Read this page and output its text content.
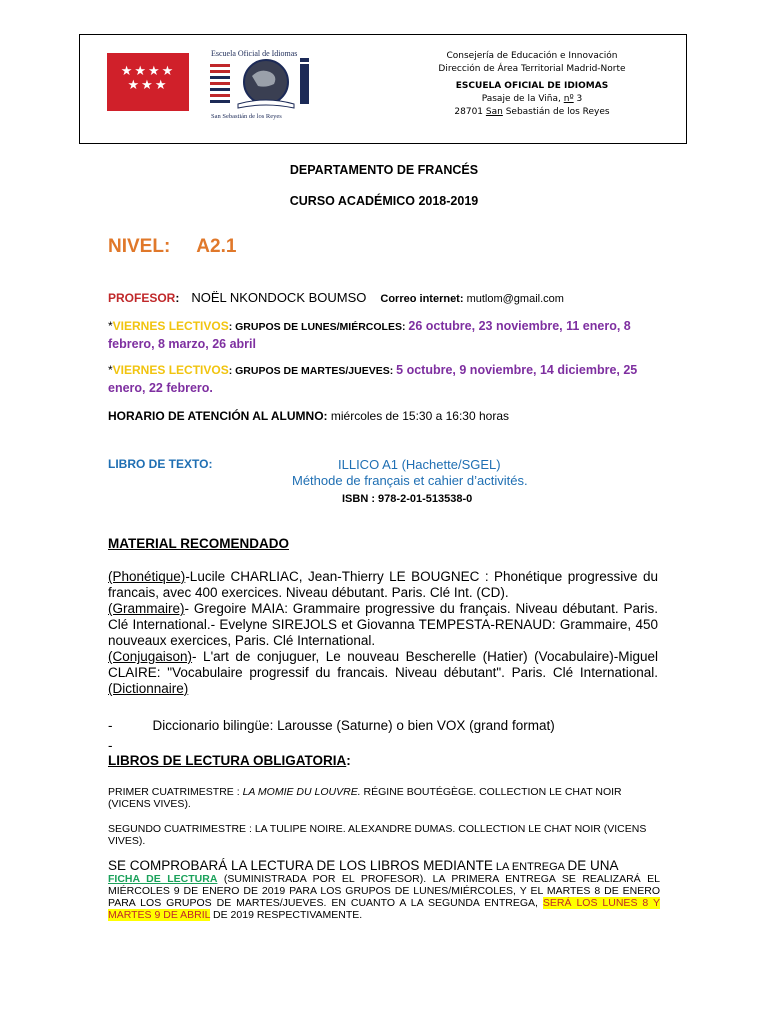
★★★★
★★★
Escuela Oficial de Idiomas
San Sebastián de los Reyes
Consejería de Educación e Innovación
Dirección de Área Territorial Madrid-Norte
ESCUELA OFICIAL DE IDIOMAS
Pasaje de la Viña, nº 3
28701 San Sebastián de los Reyes
DEPARTAMENTO DE FRANCÉS
CURSO ACADÉMICO 2018-2019
NIVEL: A2.1
PROFESOR: NOËL NKONDOCK BOUMSO Correo internet: mutlom@gmail.com
*VIERNES LECTIVOS: GRUPOS DE LUNES/MIÉRCOLES: 26 octubre, 23 noviembre, 11 enero, 8 febrero, 8 marzo, 26 abril
*VIERNES LECTIVOS: GRUPOS DE MARTES/JUEVES: 5 octubre, 9 noviembre, 14 diciembre, 25 enero, 22 febrero.
HORARIO DE ATENCIÓN AL ALUMNO: miércoles de 15:30 a 16:30 horas
LIBRO DE TEXTO:	ILLICO A1 (Hachette/SGEL)
Méthode de français et cahier d’activités.
ISBN : 978-2-01-513538-0
MATERIAL RECOMENDADO
(Phonétique)-Lucile CHARLIAC, Jean-Thierry LE BOUGNEC : Phonétique progressive du francais, avec 400 exercices. Niveau débutant. Paris. Clé Int. (CD).
(Grammaire)- Gregoire MAIA: Grammaire progressive du français. Niveau débutant. Paris. Clé International.- Evelyne SIREJOLS et Giovanna TEMPESTA-RENAUD: Grammaire, 450 nouveaux exercices, Paris. Clé International.
(Conjugaison)- L'art de conjuguer, Le nouveau Bescherelle (Hatier) (Vocabulaire)-Miguel CLAIRE: "Vocabulaire progressif du francais. Niveau débutant". Paris. Clé International. (Dictionnaire)
-	Diccionario bilingüe: Larousse (Saturne) o bien VOX (grand format)
-
LIBROS DE LECTURA OBLIGATORIA:
PRIMER CUATRIMESTRE : LA MOMIE DU LOUVRE. RÉGINE BOUTÉGÈGE. COLLECTION LE CHAT NOIR (VICENS VIVES).
SEGUNDO CUATRIMESTRE : LA TULIPE NOIRE. ALEXANDRE DUMAS. COLLECTION LE CHAT NOIR (VICENS VIVES).
SE COMPROBARÁ LA LECTURA DE LOS LIBROS MEDIANTE LA ENTREGA DE UNA
FICHA DE LECTURA (SUMINISTRADA POR EL PROFESOR). LA PRIMERA ENTREGA SE REALIZARÁ EL MIÉRCOLES 9 DE ENERO DE 2019 PARA LOS GRUPOS DE LUNES/MIÉRCOLES, Y EL MARTES 8 DE ENERO PARA LOS GRUPOS DE MARTES/JUEVES. EN CUANTO A LA SEGUNDA ENTREGA, SERÁ LOS LUNES 8 Y MARTES 9 DE ABRIL DE 2019 RESPECTIVAMENTE.
